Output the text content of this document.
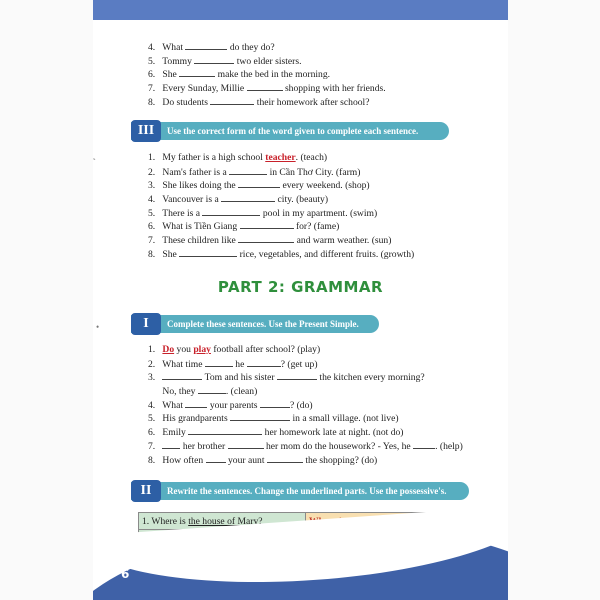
4. What	do they do?
5. Tommy	two elder sisters.
6. She	make the bed in the morning.
7. Every Sunday, Millie	shopping with her friends.
8. Do students	their homework after school?
III	Use the correct form of the word given to complete each sentence.
1. My father is a high school teacher. (teach)
2. Nam's father is a	in Cần Thơ City. (farm)
3. She likes doing the	every weekend. (shop)
4. Vancouver is a	city. (beauty)
5. There is a	pool in my apartment. (swim)
6. What is Tiền Giang	for? (fame)
7. These children like	and warm weather. (sun)
8. She	rice, vegetables, and different fruits. (growth)
PART 2: GRAMMAR
I	Complete these sentences. Use the Present Simple.
1. Do you play football after school? (play)
2. What time	he	? (get up)
3.	Tom and his sister	the kitchen every morning?
No, they	. (clean)
4. What	your parents	? (do)
5. His grandparents	in a small village. (not live)
6. Emily	her homework late at night. (not do)
7.	her brother	her mom do the housework? - Yes, he	. (help)
8. How often	your aunt	the shopping? (do)
II	Rewrite the sentences. Change the underlined parts. Use the possessive's.
1. Where is the house of Mary?	

6
˛
•
